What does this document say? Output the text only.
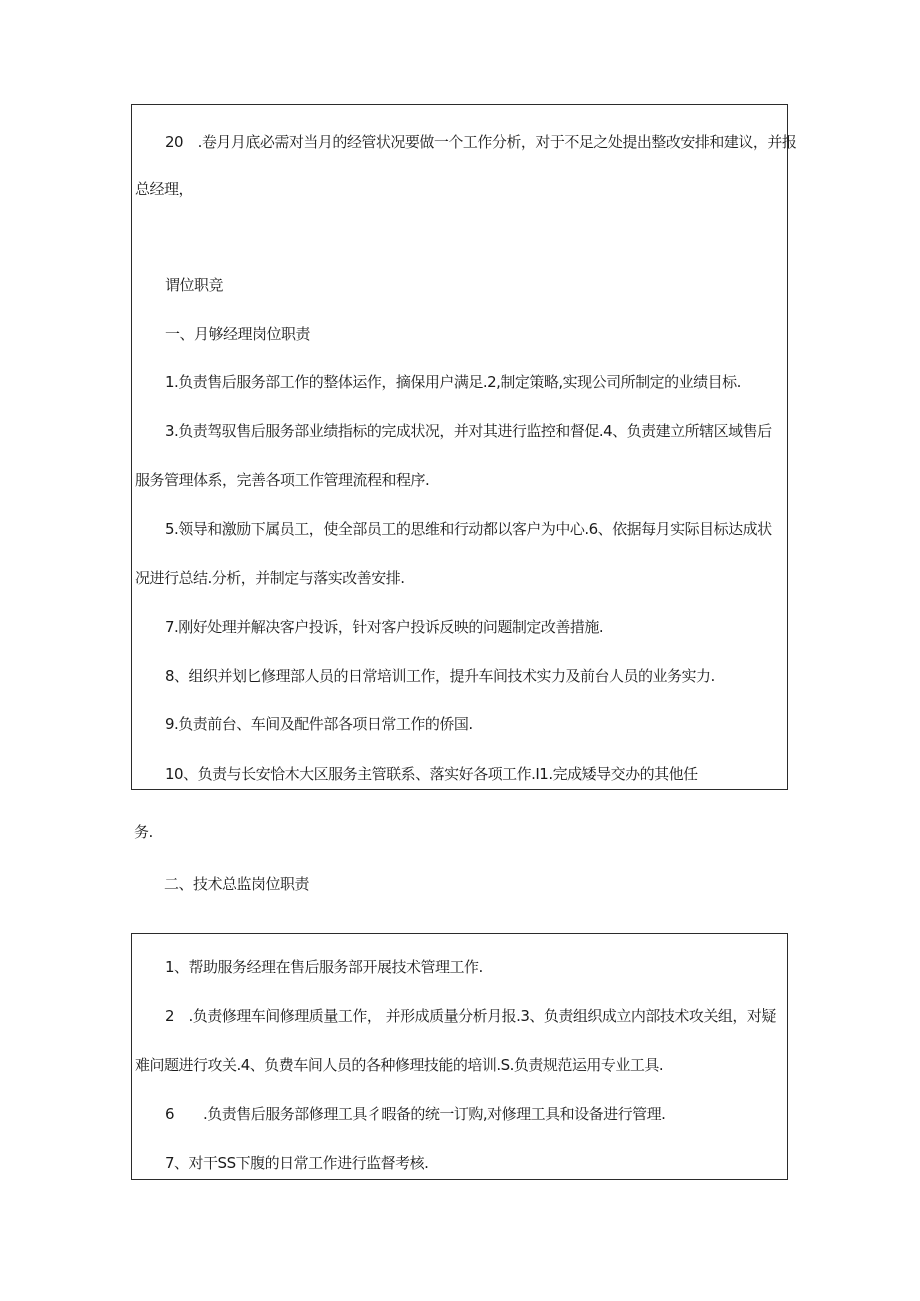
20　.卷月月底必需对当月的经管状况要做一个工作分析，对于不足之处提出整改安排和建议，并报
总经理，
谓位职竞
一、月够经理岗位职责
1.负责售后服务部工作的整体运作，摘保用户满足.2,制定策略,实现公司所制定的业绩目标.
3.负责驾驭售后服务部业绩指标的完成状况，并对其进行监控和督促.4、负责建立所辖区域售后
服务管理体系，完善各项工作管理流程和程序.
5.领导和激励下属员工，使全部员工的思维和行动都以客户为中心.6、依据每月实际目标达成状
况进行总结.分析，并制定与落实改善安排.
7.刚好处理并解决客户投诉，针对客户投诉反映的问题制定改善措施.
8、组织并划匕修理部人员的日常培训工作，提升车间技术实力及前台人员的业务实力.
9.负责前台、车间及配件部各项日常工作的侨国.
10、负责与长安恰木大区服务主管联系、落实好各项工作.I1.完成矮导交办的其他任
务.
二、技术总监岗位职责
1、帮助服务经理在售后服务部开展技术管理工作.
2　.负责修理车间修理质量工作， 并形成质量分析月报.3、负责组织成立内部技术攻关组，对疑
难问题进行攻关.4、负费车间人员的各种修理技能的培训.S.负责规范运用专业工具.
6　　.负责售后服务部修理工具彳暇备的统一订购,对修理工具和设备进行管理.
7、对干SS下腹的日常工作进行监督考核.
